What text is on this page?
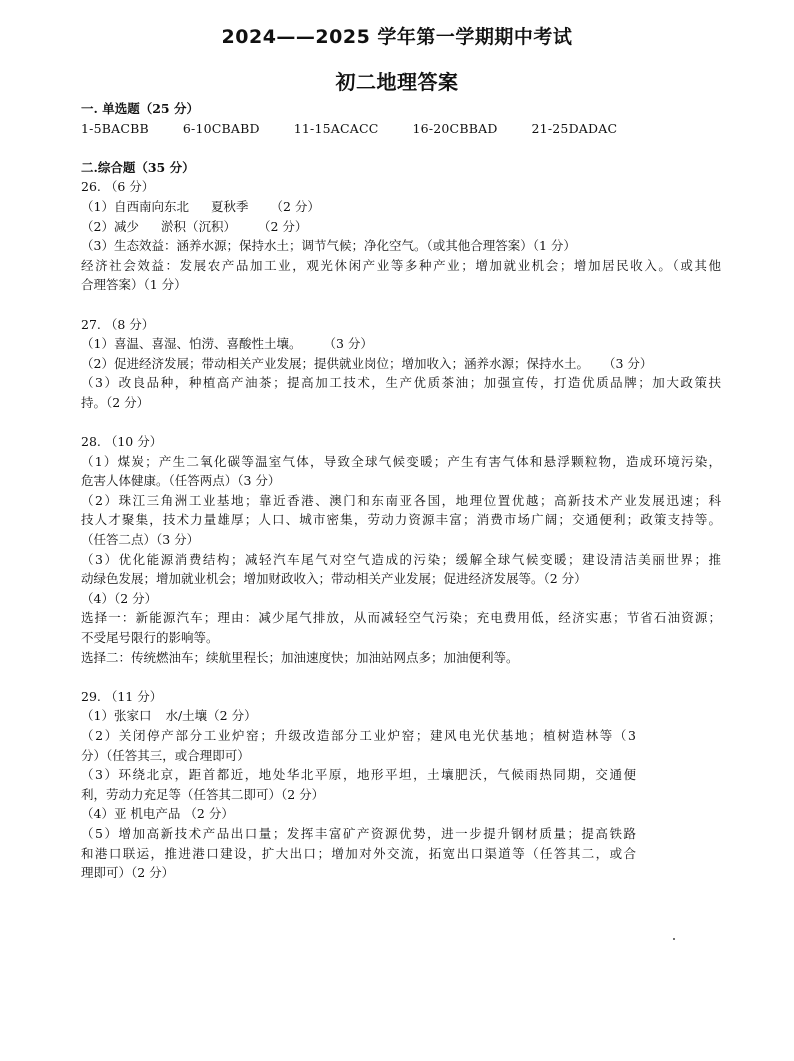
2024——2025 学年第一学期期中考试
初二地理答案
一. 单选题（25 分）
1-5BACBB	6-10CBABD	11-15ACACC	16-20CBBAD	21-25DADAC
二.综合题（35 分）
26. （6 分）
（1）自西南向东北 夏秋季 （2 分）
（2）减少 淤积（沉积） （2 分）
（3）生态效益：涵养水源；保持水土；调节气候；净化空气。（或其他合理答案）（1 分）
经济社会效益：发展农产品加工业，观光休闲产业等多种产业；增加就业机会；增加居民收入。（或其他
合理答案）（1 分）
27. （8 分）
（1）喜温、喜湿、怕涝、喜酸性土壤。 （3 分）
（2）促进经济发展；带动相关产业发展；提供就业岗位；增加收入；涵养水源；保持水土。 （3 分）
（3）改良品种，种植高产油茶；提高加工技术，生产优质茶油；加强宣传，打造优质品牌；加大政策扶
持。（2 分）
28. （10 分）
（1）煤炭；产生二氧化碳等温室气体，导致全球气候变暖；产生有害气体和悬浮颗粒物，造成环境污染，
危害人体健康。（任答两点）（3 分）
（2）珠江三角洲工业基地；靠近香港、澳门和东南亚各国，地理位置优越；高新技术产业发展迅速；科
技人才聚集，技术力量雄厚；人口、城市密集，劳动力资源丰富；消费市场广阔；交通便利；政策支持等。
（任答二点）（3 分）
（3）优化能源消费结构；减轻汽车尾气对空气造成的污染；缓解全球气候变暖；建设清洁美丽世界；推
动绿色发展；增加就业机会；增加财政收入；带动相关产业发展；促进经济发展等。（2 分）
（4）（2 分）
选择一：新能源汽车；理由：减少尾气排放，从而减轻空气污染；充电费用低，经济实惠；节省石油资源；
不受尾号限行的影响等。
选择二：传统燃油车；续航里程长；加油速度快；加油站网点多；加油便利等。
29. （11 分）
（1）张家口 水/土壤（2 分）
（2）关闭停产部分工业炉窑；升级改造部分工业炉窑；建风电光伏基地；植树造林等（3
分）（任答其三，或合理即可）
（3）环绕北京，距首都近，地处华北平原，地形平坦，土壤肥沃，气候雨热同期，交通便
利，劳动力充足等（任答其二即可）（2 分）
（4）亚 机电产品 （2 分）
（5）增加高新技术产品出口量；发挥丰富矿产资源优势，进一步提升钢材质量；提高铁路
和港口联运，推进港口建设，扩大出口；增加对外交流，拓宽出口渠道等（任答其二，或合
理即可）（2 分）
